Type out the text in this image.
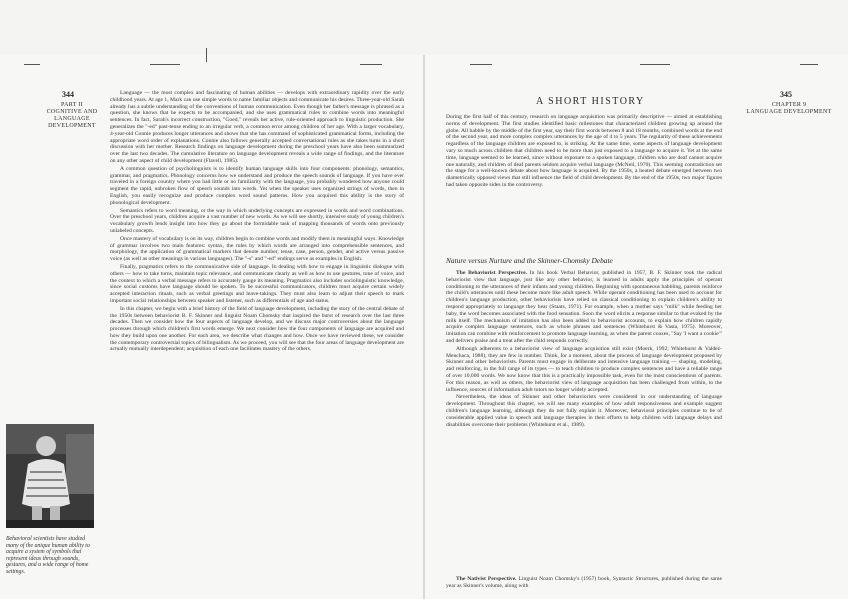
344
PART II
COGNITIVE AND
LANGUAGE DEVELOPMENT

Language — the most complex and fascinating of human abilities — develops with extraordinary rapidity over the early childhood years. At age 1, Mark can use simple words to name familiar objects and communicate his desires. Three-year-old Sarah already has a subtle understanding of the conventions of human communication. Even though her father's message is phrased as a question, she knows that he expects to be accompanied, and she uses grammatical rules to combine words into meaningful sentences. In fact, Sarah's incorrect construction, "Goed," reveals her active, rule-oriented approach to linguistic production. She generalizes the "-ed" past-tense ending to an irregular verb, a common error among children of her age. With a larger vocabulary, 4-year-old Connie produces longer utterances and shows that she has command of sophisticated grammatical forms, including the appropriate word order of explanations. Connie also follows generally accepted conversational rules as she takes turns in a short discussion with her mother. Research findings on language development during the preschool years have also been summarized over the last two decades. The cumulative literature on language development reveals a wide range of findings, and the literature on any other aspect of child development (Flavell, 1985).

A common question of psycholinguists is to identify human language skills into four components: phonology, semantics, grammar, and pragmatics. Phonology concerns how we understand and produce the speech sounds of language. If you have ever traveled in a foreign country where you had little or no familiarity with the language, you probably wondered how anyone could segment the rapid, unbroken flow of speech sounds into words. Yet when the speaker uses organized strings of words, then in English, you easily recognize and produce complex word sound patterns. How you acquired this ability is the story of phonological development.

Semantics refers to word meaning, or the way in which underlying concepts are expressed in words and word combinations. Over the preschool years, children acquire a vast number of new words. As we will see shortly, intensive study of young children's vocabulary growth lends insight into how they go about the formidable task of mapping thousands of words onto previously unlabeled concepts.

Once mastery of vocabulary is on its way, children begin to combine words and modify them in meaningful ways. Knowledge of grammar involves two main features: syntax, the rules by which words are arranged into comprehensible sentences, and morphology, the application of grammatical markers that denote number, tense, case, person, gender, and active versus passive voice (as well as other meanings in various languages). The "-s" and "-ed" endings serve as examples in English.

Finally, pragmatics refers to the communicative side of language. In dealing with how to engage in linguistic dialogue with others — how to take turns, maintain topic relevance, and communicate clearly as well as how to use gestures, tone of voice, and the context to which a verbal message refers to accurately gauge its meaning. Pragmatics also includes sociolinguistic knowledge, since social customs have language should be spoken. To be successful communicators, children must acquire certain widely accepted interaction rituals, such as verbal greetings and leave-takings. They must also learn to adjust their speech to mark important social relationships between speaker and listener, such as differentials of age and status.

In this chapter, we begin with a brief history of the field of language development, including the story of the central debate of the 1950s between behaviorist B. F. Skinner and linguist Noam Chomsky that inspired the burst of research over the last three decades. Then we consider how the four aspects of language develop, and we discuss major controversies about the language processes through which children's first words emerge. We next consider how the four components of language are acquired and how they build upon one another. For each area, we describe what changes and how. Once we have reviewed these, we consider the contemporary controversial topics of bilingualism. As we proceed, you will see that the four areas of language development are actually mutually interdependent; acquisition of each one facilitates mastery of the others.

Behavioral scientists have studied many of the unique human ability to acquire a system of symbols that represent ideas through sounds, gestures, and a wide range of home settings.
345
CHAPTER 9
LANGUAGE DEVELOPMENT
A SHORT HISTORY

During the first half of this century, research on language acquisition was primarily descriptive — aimed at establishing norms of development. The first studies identified basic milestones that characterized children growing up around the globe. All babble by the middle of the first year, say their first words between 8 and 18 months, combined words at the end of the second year, and more complex complex utterances by the age of 4 to 5 years. The regularity of these achievements regardless of the language children are exposed to, is striking. At the same time, some aspects of language development vary so much across children that children need to be more than just exposed to a language to acquire it. Yet at the same time, language seemed to be learned, since without exposure to a spoken language, children who are deaf cannot acquire one naturally, and children of deaf parents seldom acquire verbal language (McNeil, 1970). This seeming contradiction set the stage for a well-known debate about how language is acquired. By the 1950s, a heated debate emerged between two diametrically opposed views that still influence the field of child development. By the end of the 1950s, two major figures had taken opposite sides in the controversy.

Nature versus Nurture and the Skinner-Chomsky Debate

The Behaviorist Perspective. In his book Verbal Behavior, published in 1957, B. F. Skinner took the radical behaviorist view that language, just like any other behavior, is learned in adults apply the principles of operant conditioning to the utterances of their infants and young children. Beginning with spontaneous babbling, parents reinforce the child's utterances until these become more like adult speech. While operant conditioning has been used to account for children's language production, other behaviorists have relied on classical conditioning to explain children's ability to respond appropriately to language they hear (Staats, 1971). For example, when a mother says "milk" while feeding her baby, the word becomes associated with the food sensation. Soon the word elicits a response similar to that evoked by the milk itself. The mechanism of imitation has also been added to behaviorist accounts, to explain how children rapidly acquire complex language sentences, such as whole phrases and sentences (Whitehurst & Vasta, 1975). Moreover, imitation can combine with reinforcement to promote language learning, as when the parent coaxes, "Say 'I want a cookie'" and delivers praise and a treat after the child responds correctly.

Although adherents to a behaviorist view of language acquisition still exist (Moerk, 1992; Whitehurst & Valdez-Menchaca, 1988), they are few in number. Think, for a moment, about the process of language development proposed by Skinner and other behaviorists. Parents must engage in deliberate and intensive language training — shaping, modeling, and reinforcing, in the full range of its types — to teach children to produce complex sentences and have a reliable range of over 10,000 words. We now know that this is a practically impossible task, even for the most conscientious of parents. For this reason, as well as others, the behaviorist view of language acquisition has been challenged from within, to the influence, sources of information adult tutors no longer widely accepted.

Nevertheless, the ideas of Skinner and other behaviorists were considered in our understanding of language development. Throughout this chapter, we will see many examples of how adult responsiveness and example suggest children's language learning, although they do not fully explain it. Moreover, behavioral principles continue to be of considerable applied value in speech and language therapies in their efforts to help children with language delays and disabilities overcome their problems (Whitehurst et al., 1989).

The Nativist Perspective. Linguist Noam Chomsky's (1957) book, Syntactic Structures, published during the same year as Skinner's volume, along with
